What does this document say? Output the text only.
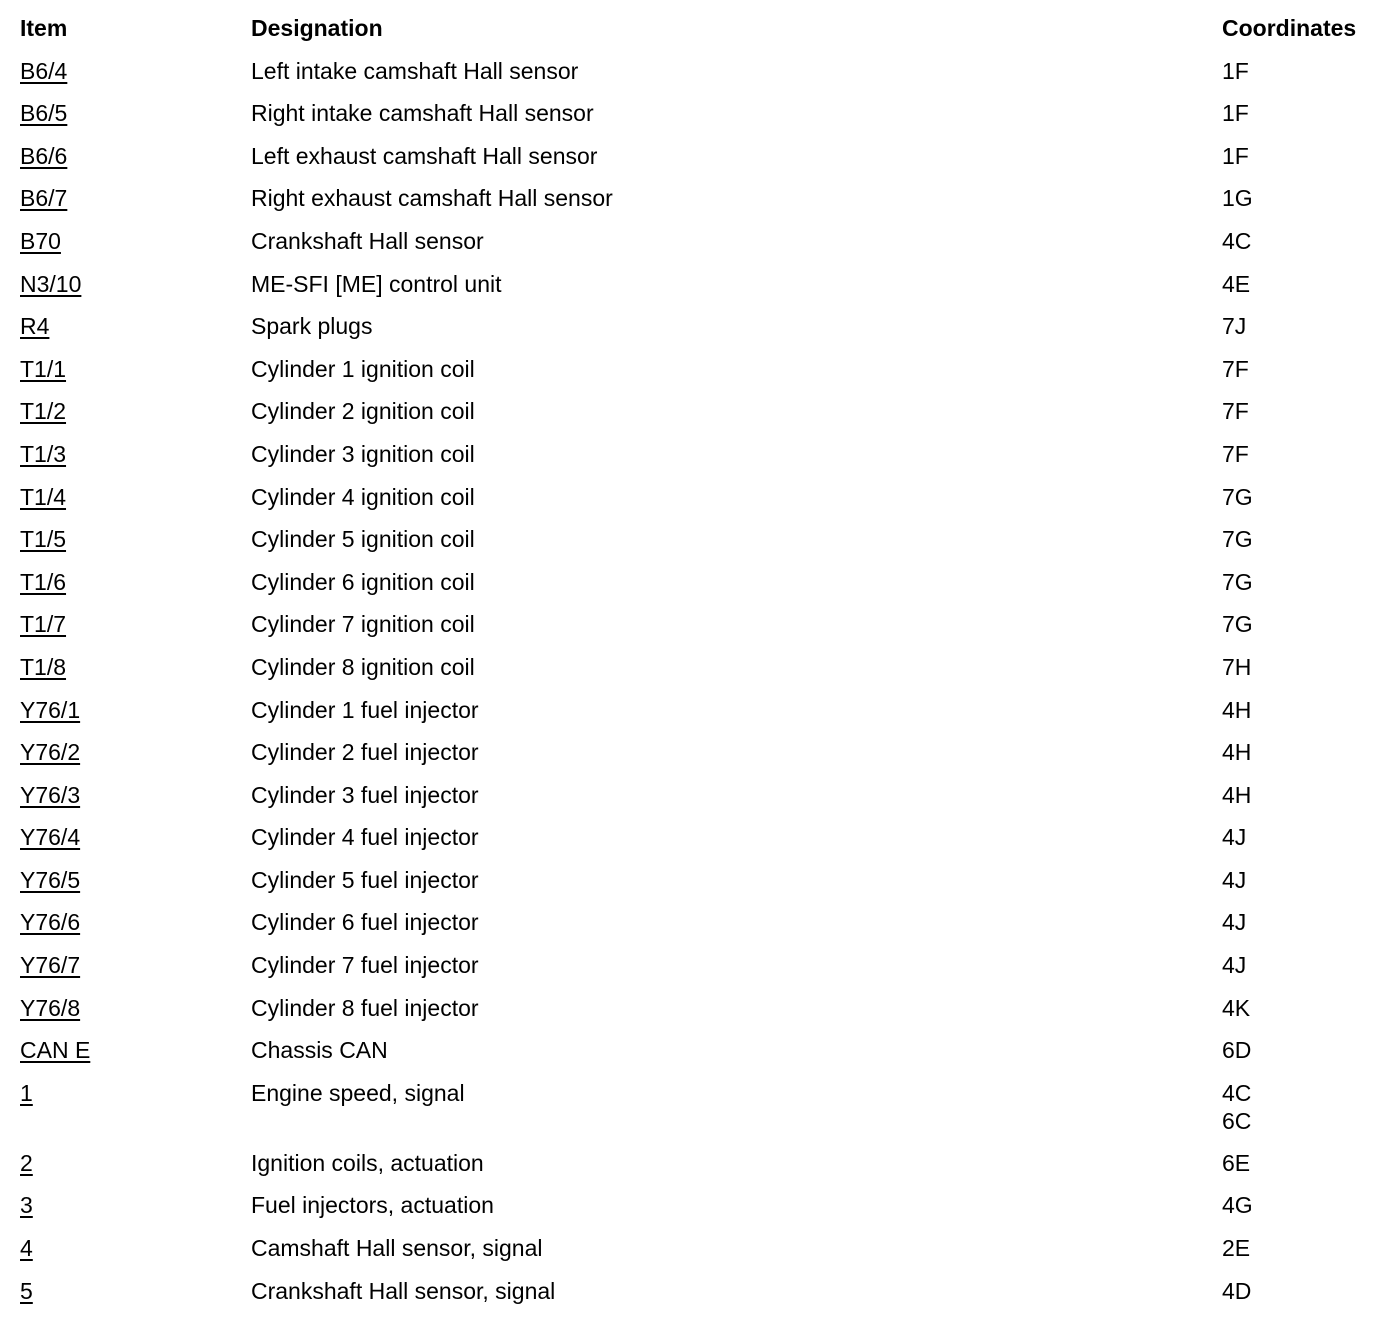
Item	Designation	Coordinates
B6/4	Left intake camshaft Hall sensor	1F
B6/5	Right intake camshaft Hall sensor	1F
B6/6	Left exhaust camshaft Hall sensor	1F
B6/7	Right exhaust camshaft Hall sensor	1G
B70	Crankshaft Hall sensor	4C
N3/10	ME-SFI [ME] control unit	4E
R4	Spark plugs	7J
T1/1	Cylinder 1 ignition coil	7F
T1/2	Cylinder 2 ignition coil	7F
T1/3	Cylinder 3 ignition coil	7F
T1/4	Cylinder 4 ignition coil	7G
T1/5	Cylinder 5 ignition coil	7G
T1/6	Cylinder 6 ignition coil	7G
T1/7	Cylinder 7 ignition coil	7G
T1/8	Cylinder 8 ignition coil	7H
Y76/1	Cylinder 1 fuel injector	4H
Y76/2	Cylinder 2 fuel injector	4H
Y76/3	Cylinder 3 fuel injector	4H
Y76/4	Cylinder 4 fuel injector	4J
Y76/5	Cylinder 5 fuel injector	4J
Y76/6	Cylinder 6 fuel injector	4J
Y76/7	Cylinder 7 fuel injector	4J
Y76/8	Cylinder 8 fuel injector	4K
CAN E	Chassis CAN	6D
1	Engine speed, signal	4C
6C
2	Ignition coils, actuation	6E
3	Fuel injectors, actuation	4G
4	Camshaft Hall sensor, signal	2E
5	Crankshaft Hall sensor, signal	4D
